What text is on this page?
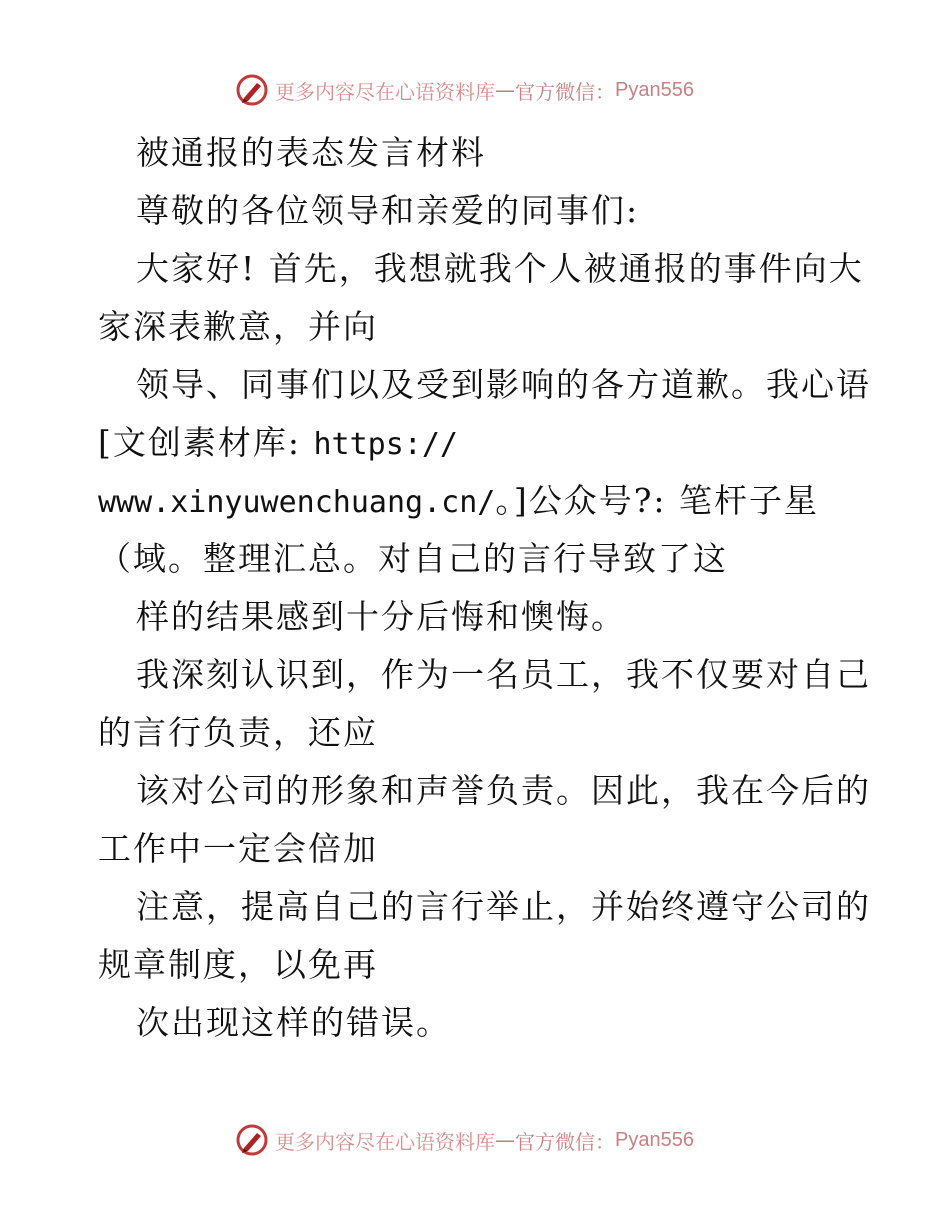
更多内容尽在心语资料库 — 官方微信： Pyan556
被通报的表态发言材料
尊敬的各位领导和亲爱的同事们:
大家好! 首先，我想就我个人被通报的事件向大
家深表歉意，并向
领导、同事们以及受到影响的各方道歉。我心语
[文创素材库: https://
www.xinyuwenchuang.cn/。]公众号?: 笔杆子星
（域。整理汇总。对自己的言行导致了这
样的结果感到十分后悔和懊悔。
我深刻认识到，作为一名员工，我不仅要对自己
的言行负责，还应
该对公司的形象和声誉负责。因此，我在今后的
工作中一定会倍加
注意，提高自己的言行举止，并始终遵守公司的
规章制度，以免再
次出现这样的错误。
更多内容尽在心语资料库 — 官方微信： Pyan556
